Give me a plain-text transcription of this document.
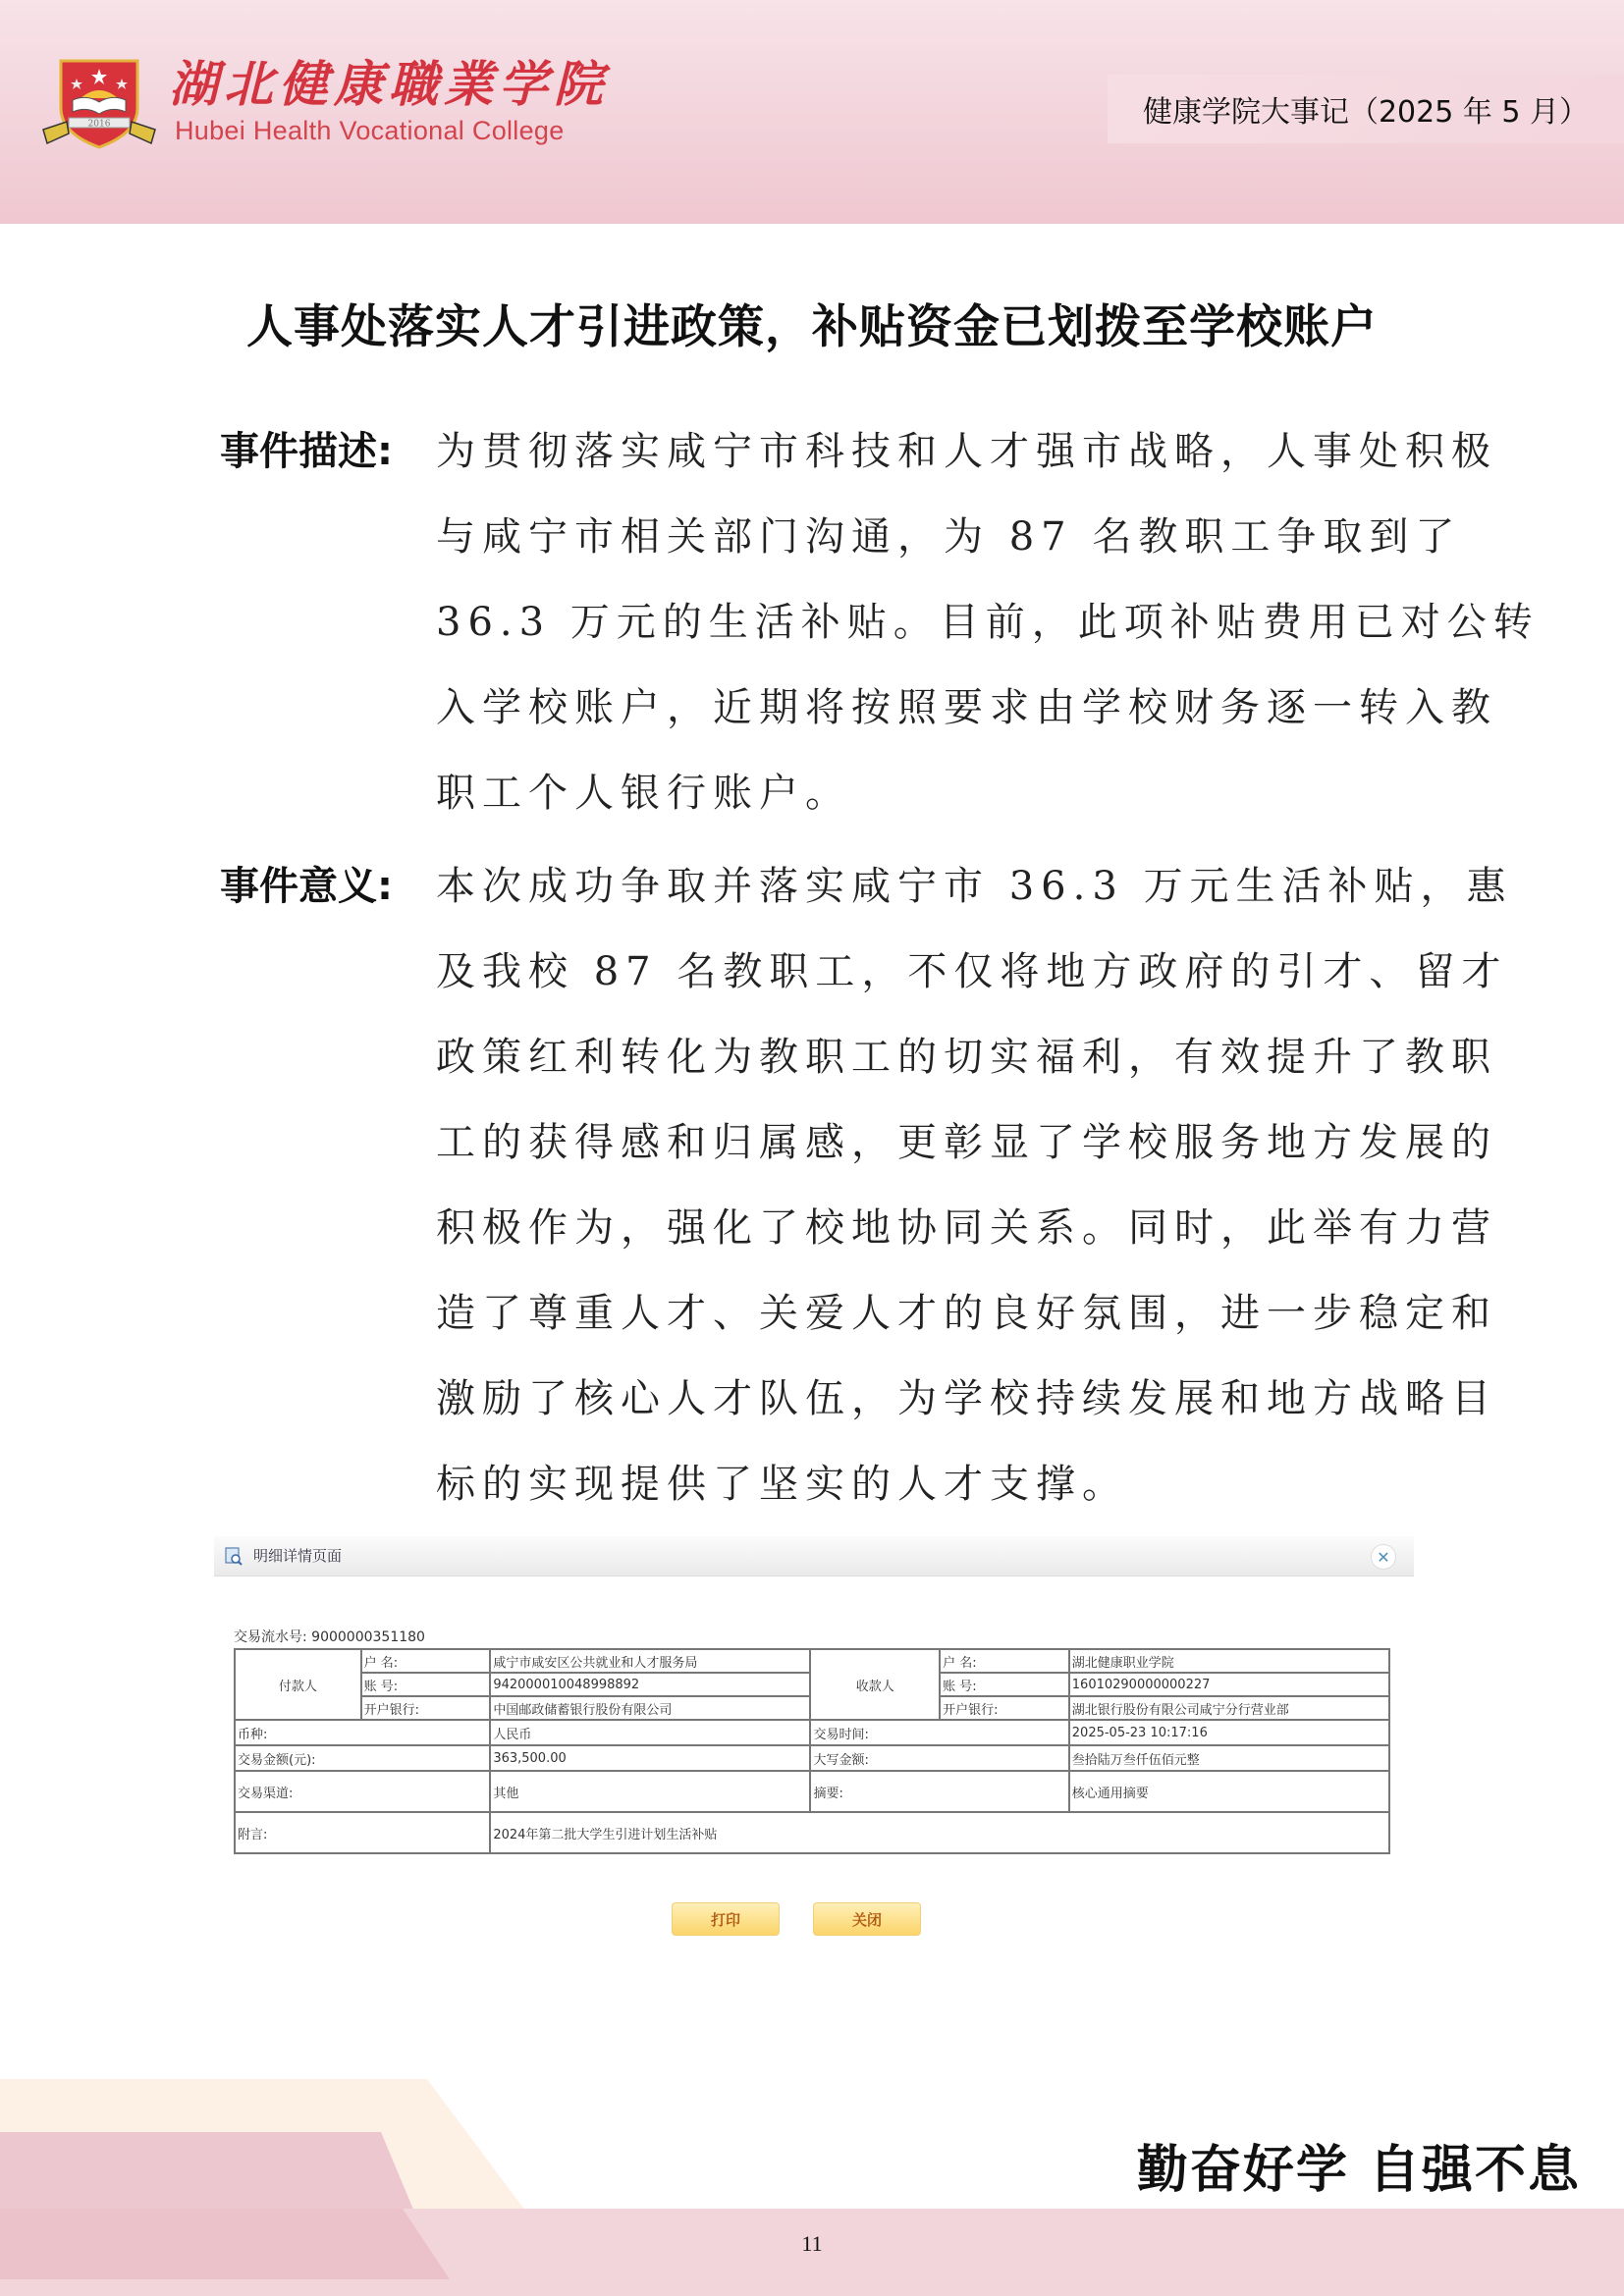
2016
湖北健康職業学院
Hubei Health Vocational College
健康学院大事记（2025 年 5 月）
人事处落实人才引进政策，补贴资金已划拨至学校账户
事件描述: 为贯彻落实咸宁市科技和人才强市战略，人事处积极
与咸宁市相关部门沟通，为 87 名教职工争取到了
36.3 万元的生活补贴。目前，此项补贴费用已对公转
入学校账户，近期将按照要求由学校财务逐一转入教
职工个人银行账户。
事件意义: 本次成功争取并落实咸宁市 36.3 万元生活补贴，惠
及我校 87 名教职工，不仅将地方政府的引才、留才
政策红利转化为教职工的切实福利，有效提升了教职
工的获得感和归属感，更彰显了学校服务地方发展的
积极作为，强化了校地协同关系。同时，此举有力营
造了尊重人才、关爱人才的良好氛围，进一步稳定和
激励了核心人才队伍，为学校持续发展和地方战略目
标的实现提供了坚实的人才支撑。
明细详情页面	✕
交易流水号: 9000000351180
付款人	户 名:	咸宁市咸安区公共就业和人才服务局	收款人	户 名:	湖北健康职业学院
	账 号:	942000010048998892		账 号:	16010290000000227
	开户银行:	中国邮政储蓄银行股份有限公司		开户银行:	湖北银行股份有限公司咸宁分行营业部
币种:		人民币	交易时间:		2025-05-23 10:17:16
交易金额(元):		363,500.00	大写金额:		叁拾陆万叁仟伍佰元整
交易渠道:		其他	摘要:		核心通用摘要
附言:		2024年第二批大学生引进计划生活补贴			
打印	关闭
勤奋好学 自强不息
11
